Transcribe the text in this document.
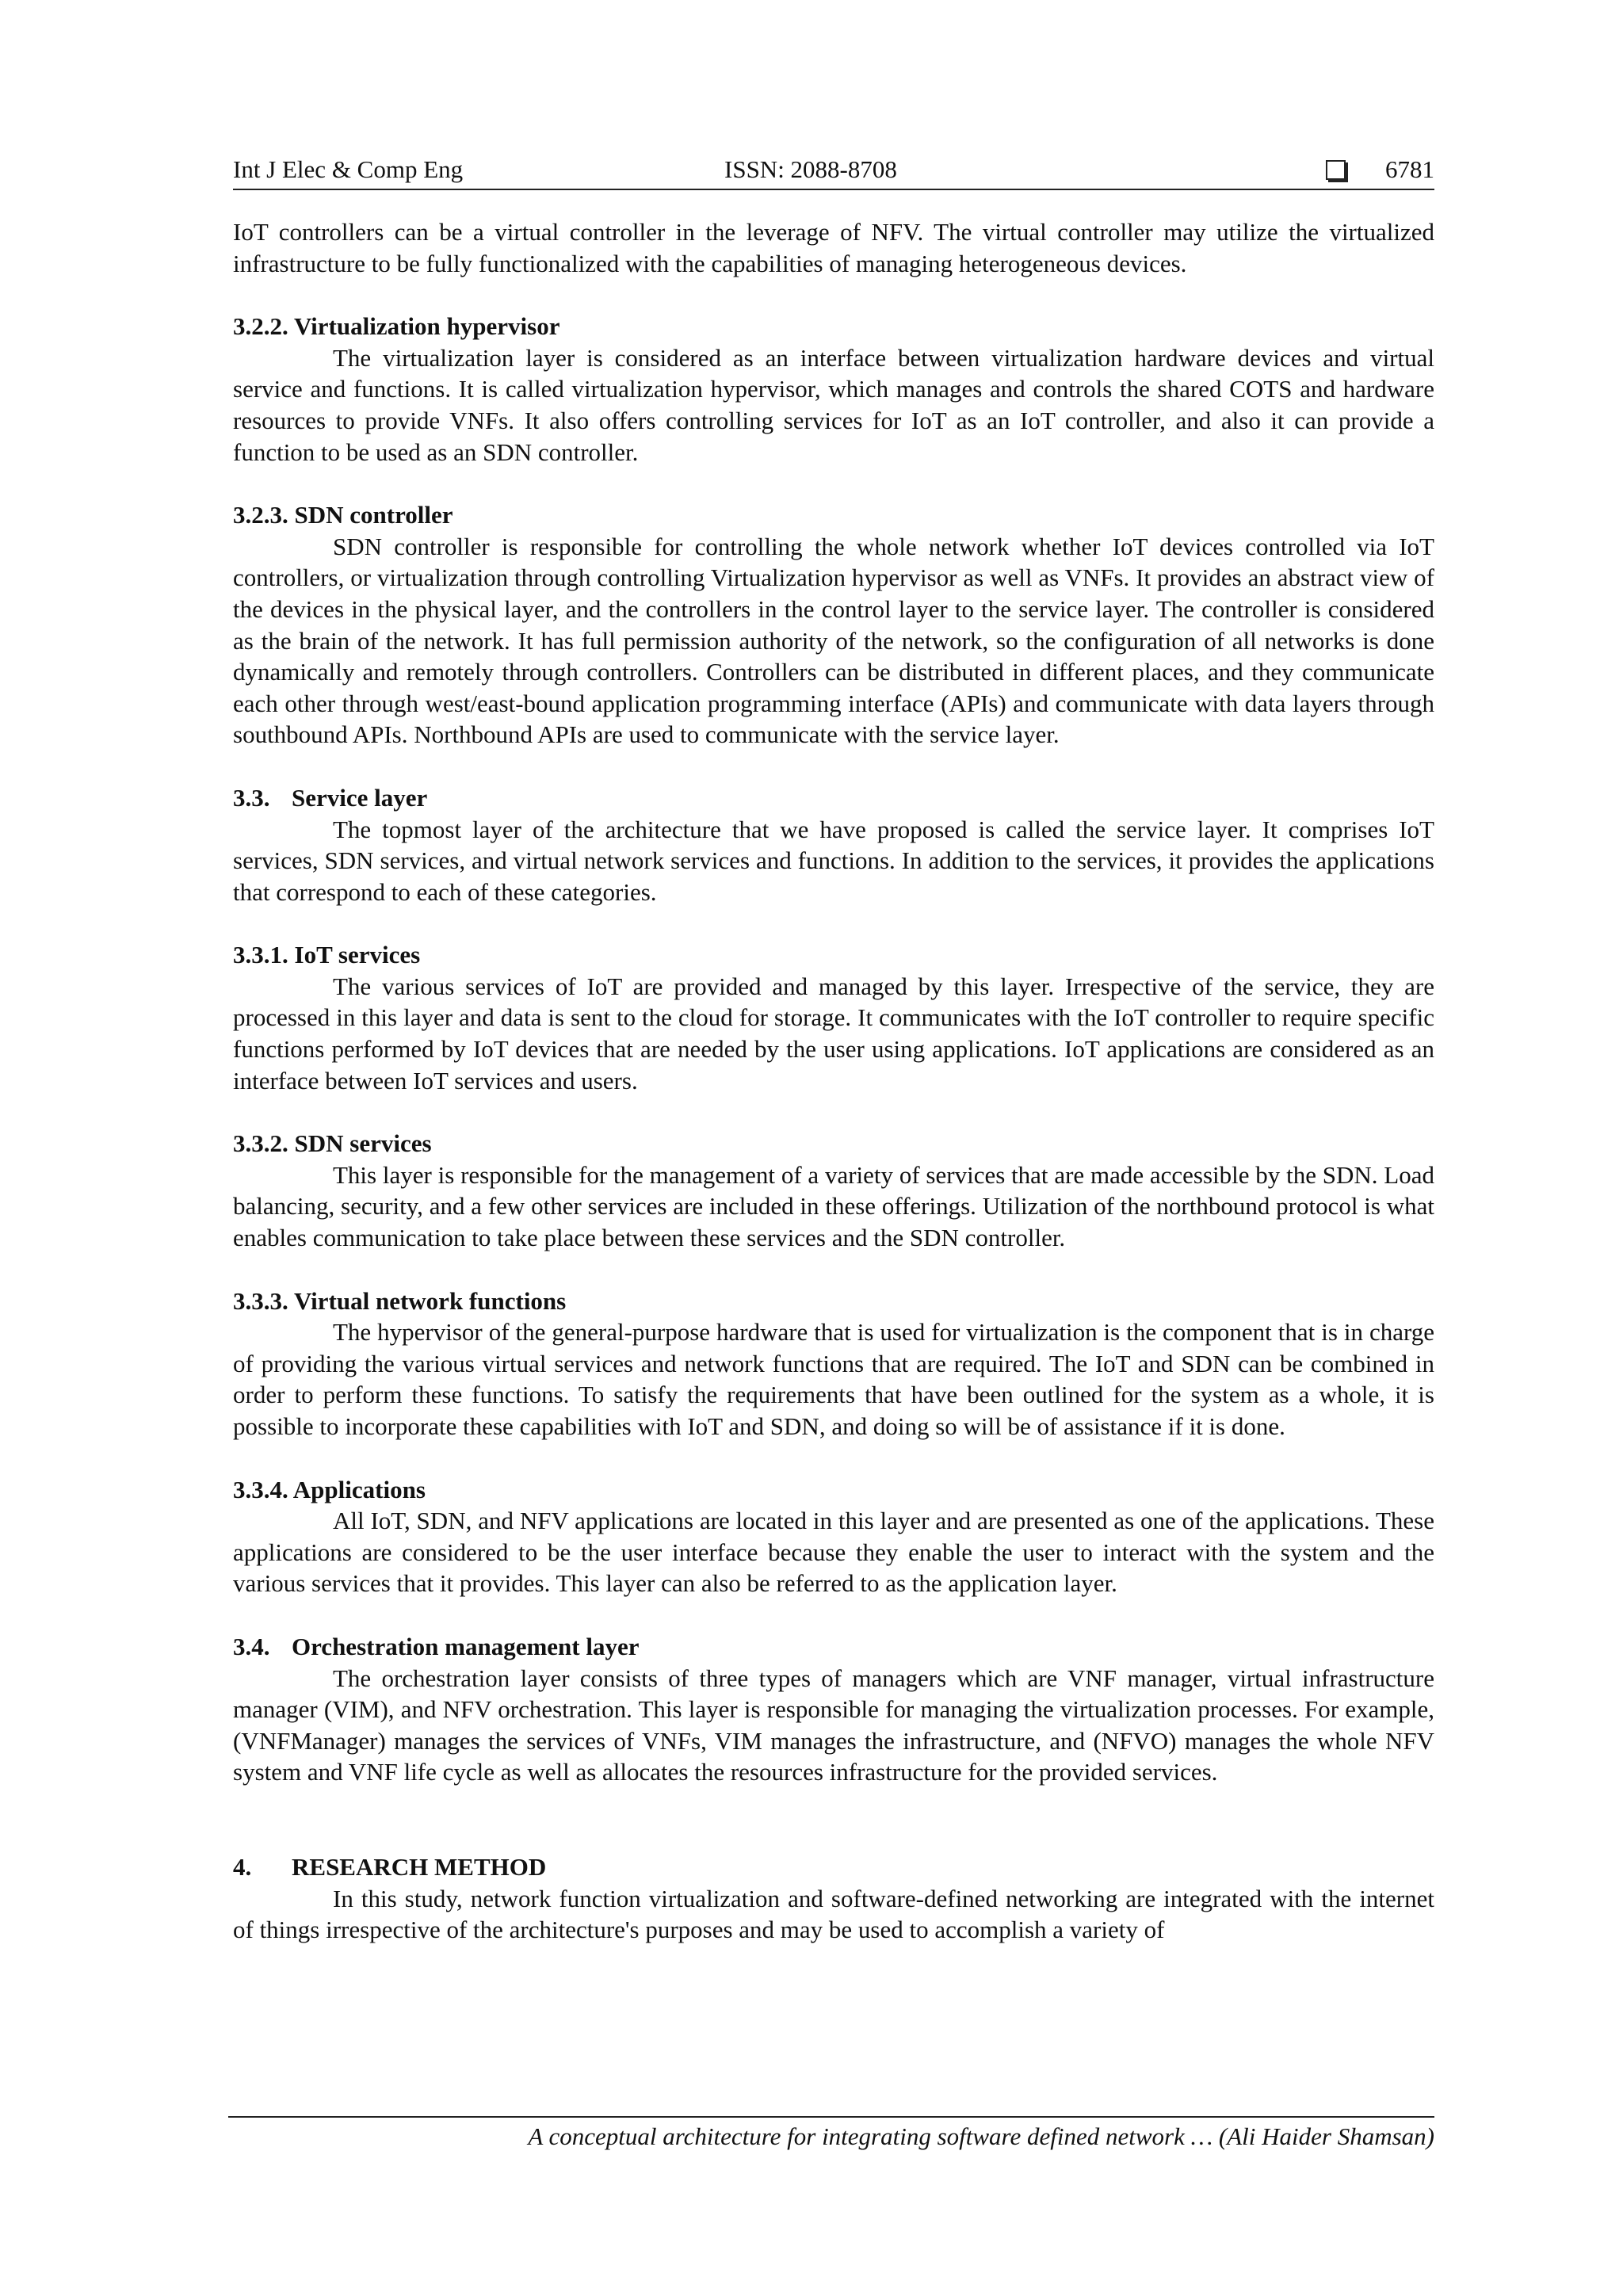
Int J Elec & Comp Eng	ISSN: 2088-8708	6781

IoT controllers can be a virtual controller in the leverage of NFV. The virtual controller may utilize the virtualized infrastructure to be fully functionalized with the capabilities of managing heterogeneous devices.

3.2.2. Virtualization hypervisor

The virtualization layer is considered as an interface between virtualization hardware devices and virtual service and functions. It is called virtualization hypervisor, which manages and controls the shared COTS and hardware resources to provide VNFs. It also offers controlling services for IoT as an IoT controller, and also it can provide a function to be used as an SDN controller.

3.2.3. SDN controller

SDN controller is responsible for controlling the whole network whether IoT devices controlled via IoT controllers, or virtualization through controlling Virtualization hypervisor as well as VNFs. It provides an abstract view of the devices in the physical layer, and the controllers in the control layer to the service layer. The controller is considered as the brain of the network. It has full permission authority of the network, so the configuration of all networks is done dynamically and remotely through controllers. Controllers can be distributed in different places, and they communicate each other through west/east-bound application programming interface (APIs) and communicate with data layers through southbound APIs. Northbound APIs are used to communicate with the service layer.

3.3. Service layer

The topmost layer of the architecture that we have proposed is called the service layer. It comprises IoT services, SDN services, and virtual network services and functions. In addition to the services, it provides the applications that correspond to each of these categories.

3.3.1. IoT services

The various services of IoT are provided and managed by this layer. Irrespective of the service, they are processed in this layer and data is sent to the cloud for storage. It communicates with the IoT controller to require specific functions performed by IoT devices that are needed by the user using applications. IoT applications are considered as an interface between IoT services and users.

3.3.2. SDN services

This layer is responsible for the management of a variety of services that are made accessible by the SDN. Load balancing, security, and a few other services are included in these offerings. Utilization of the northbound protocol is what enables communication to take place between these services and the SDN controller.

3.3.3. Virtual network functions

The hypervisor of the general-purpose hardware that is used for virtualization is the component that is in charge of providing the various virtual services and network functions that are required. The IoT and SDN can be combined in order to perform these functions. To satisfy the requirements that have been outlined for the system as a whole, it is possible to incorporate these capabilities with IoT and SDN, and doing so will be of assistance if it is done.

3.3.4. Applications

All IoT, SDN, and NFV applications are located in this layer and are presented as one of the applications. These applications are considered to be the user interface because they enable the user to interact with the system and the various services that it provides. This layer can also be referred to as the application layer.

3.4. Orchestration management layer

The orchestration layer consists of three types of managers which are VNF manager, virtual infrastructure manager (VIM), and NFV orchestration. This layer is responsible for managing the virtualization processes. For example, (VNFManager) manages the services of VNFs, VIM manages the infrastructure, and (NFVO) manages the whole NFV system and VNF life cycle as well as allocates the resources infrastructure for the provided services.

4. RESEARCH METHOD

In this study, network function virtualization and software-defined networking are integrated with the internet of things irrespective of the architecture's purposes and may be used to accomplish a variety of

A conceptual architecture for integrating software defined network … (Ali Haider Shamsan)
